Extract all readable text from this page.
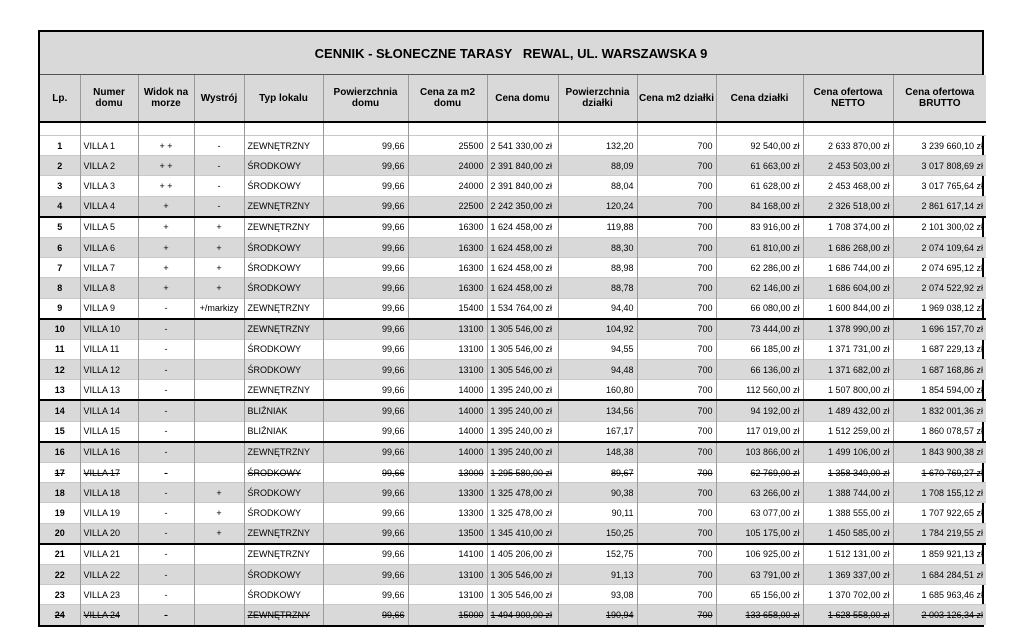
CENNIK - SŁONECZNE TARASY   REWAL, UL. WARSZAWSKA 9
Lp.	Numer domu	Widok na morze	Wystrój	Typ lokalu	Powierzchnia domu	Cena za m2 domu	Cena domu	Powierzchnia działki	Cena m2 działki	Cena działki	Cena ofertowa NETTO	Cena ofertowa BRUTTO

1	VILLA 1	+ +	-	ZEWNĘTRZNY	99,66	25500	2 541 330,00 zł	132,20	700	92 540,00 zł	2 633 870,00 zł	3 239 660,10 zł
2	VILLA 2	+ +	-	ŚRODKOWY	99,66	24000	2 391 840,00 zł	88,09	700	61 663,00 zł	2 453 503,00 zł	3 017 808,69 zł
3	VILLA 3	+ +	-	ŚRODKOWY	99,66	24000	2 391 840,00 zł	88,04	700	61 628,00 zł	2 453 468,00 zł	3 017 765,64 zł
4	VILLA 4	+	-	ZEWNĘTRZNY	99,66	22500	2 242 350,00 zł	120,24	700	84 168,00 zł	2 326 518,00 zł	2 861 617,14 zł
5	VILLA 5	+	+	ZEWNĘTRZNY	99,66	16300	1 624 458,00 zł	119,88	700	83 916,00 zł	1 708 374,00 zł	2 101 300,02 zł
6	VILLA 6	+	+	ŚRODKOWY	99,66	16300	1 624 458,00 zł	88,30	700	61 810,00 zł	1 686 268,00 zł	2 074 109,64 zł
7	VILLA 7	+	+	ŚRODKOWY	99,66	16300	1 624 458,00 zł	88,98	700	62 286,00 zł	1 686 744,00 zł	2 074 695,12 zł
8	VILLA 8	+	+	ŚRODKOWY	99,66	16300	1 624 458,00 zł	88,78	700	62 146,00 zł	1 686 604,00 zł	2 074 522,92 zł
9	VILLA 9	-	+/markizy	ZEWNĘTRZNY	99,66	15400	1 534 764,00 zł	94,40	700	66 080,00 zł	1 600 844,00 zł	1 969 038,12 zł
10	VILLA 10	-		ZEWNĘTRZNY	99,66	13100	1 305 546,00 zł	104,92	700	73 444,00 zł	1 378 990,00 zł	1 696 157,70 zł
11	VILLA 11	-		ŚRODKOWY	99,66	13100	1 305 546,00 zł	94,55	700	66 185,00 zł	1 371 731,00 zł	1 687 229,13 zł
12	VILLA 12	-		ŚRODKOWY	99,66	13100	1 305 546,00 zł	94,48	700	66 136,00 zł	1 371 682,00 zł	1 687 168,86 zł
13	VILLA 13	-		ZEWNĘTRZNY	99,66	14000	1 395 240,00 zł	160,80	700	112 560,00 zł	1 507 800,00 zł	1 854 594,00 zł
14	VILLA 14	-		BLIŹNIAK	99,66	14000	1 395 240,00 zł	134,56	700	94 192,00 zł	1 489 432,00 zł	1 832 001,36 zł
15	VILLA 15	-		BLIŹNIAK	99,66	14000	1 395 240,00 zł	167,17	700	117 019,00 zł	1 512 259,00 zł	1 860 078,57 zł
16	VILLA 16	-		ZEWNĘTRZNY	99,66	14000	1 395 240,00 zł	148,38	700	103 866,00 zł	1 499 106,00 zł	1 843 900,38 zł
17	VILLA 17	-		ŚRODKOWY	99,66	13000	1 295 580,00 zł	89,67	700	62 769,00 zł	1 358 349,00 zł	1 670 769,27 zł
18	VILLA 18	-	+	ŚRODKOWY	99,66	13300	1 325 478,00 zł	90,38	700	63 266,00 zł	1 388 744,00 zł	1 708 155,12 zł
19	VILLA 19	-	+	ŚRODKOWY	99,66	13300	1 325 478,00 zł	90,11	700	63 077,00 zł	1 388 555,00 zł	1 707 922,65 zł
20	VILLA 20	-	+	ZEWNĘTRZNY	99,66	13500	1 345 410,00 zł	150,25	700	105 175,00 zł	1 450 585,00 zł	1 784 219,55 zł
21	VILLA 21	-		ZEWNĘTRZNY	99,66	14100	1 405 206,00 zł	152,75	700	106 925,00 zł	1 512 131,00 zł	1 859 921,13 zł
22	VILLA 22	-		ŚRODKOWY	99,66	13100	1 305 546,00 zł	91,13	700	63 791,00 zł	1 369 337,00 zł	1 684 284,51 zł
23	VILLA 23	-		ŚRODKOWY	99,66	13100	1 305 546,00 zł	93,08	700	65 156,00 zł	1 370 702,00 zł	1 685 963,46 zł
24	VILLA 24	-		ZEWNĘTRZNY	99,66	15000	1 494 900,00 zł	190,94	700	133 658,00 zł	1 628 558,00 zł	2 003 126,34 zł
